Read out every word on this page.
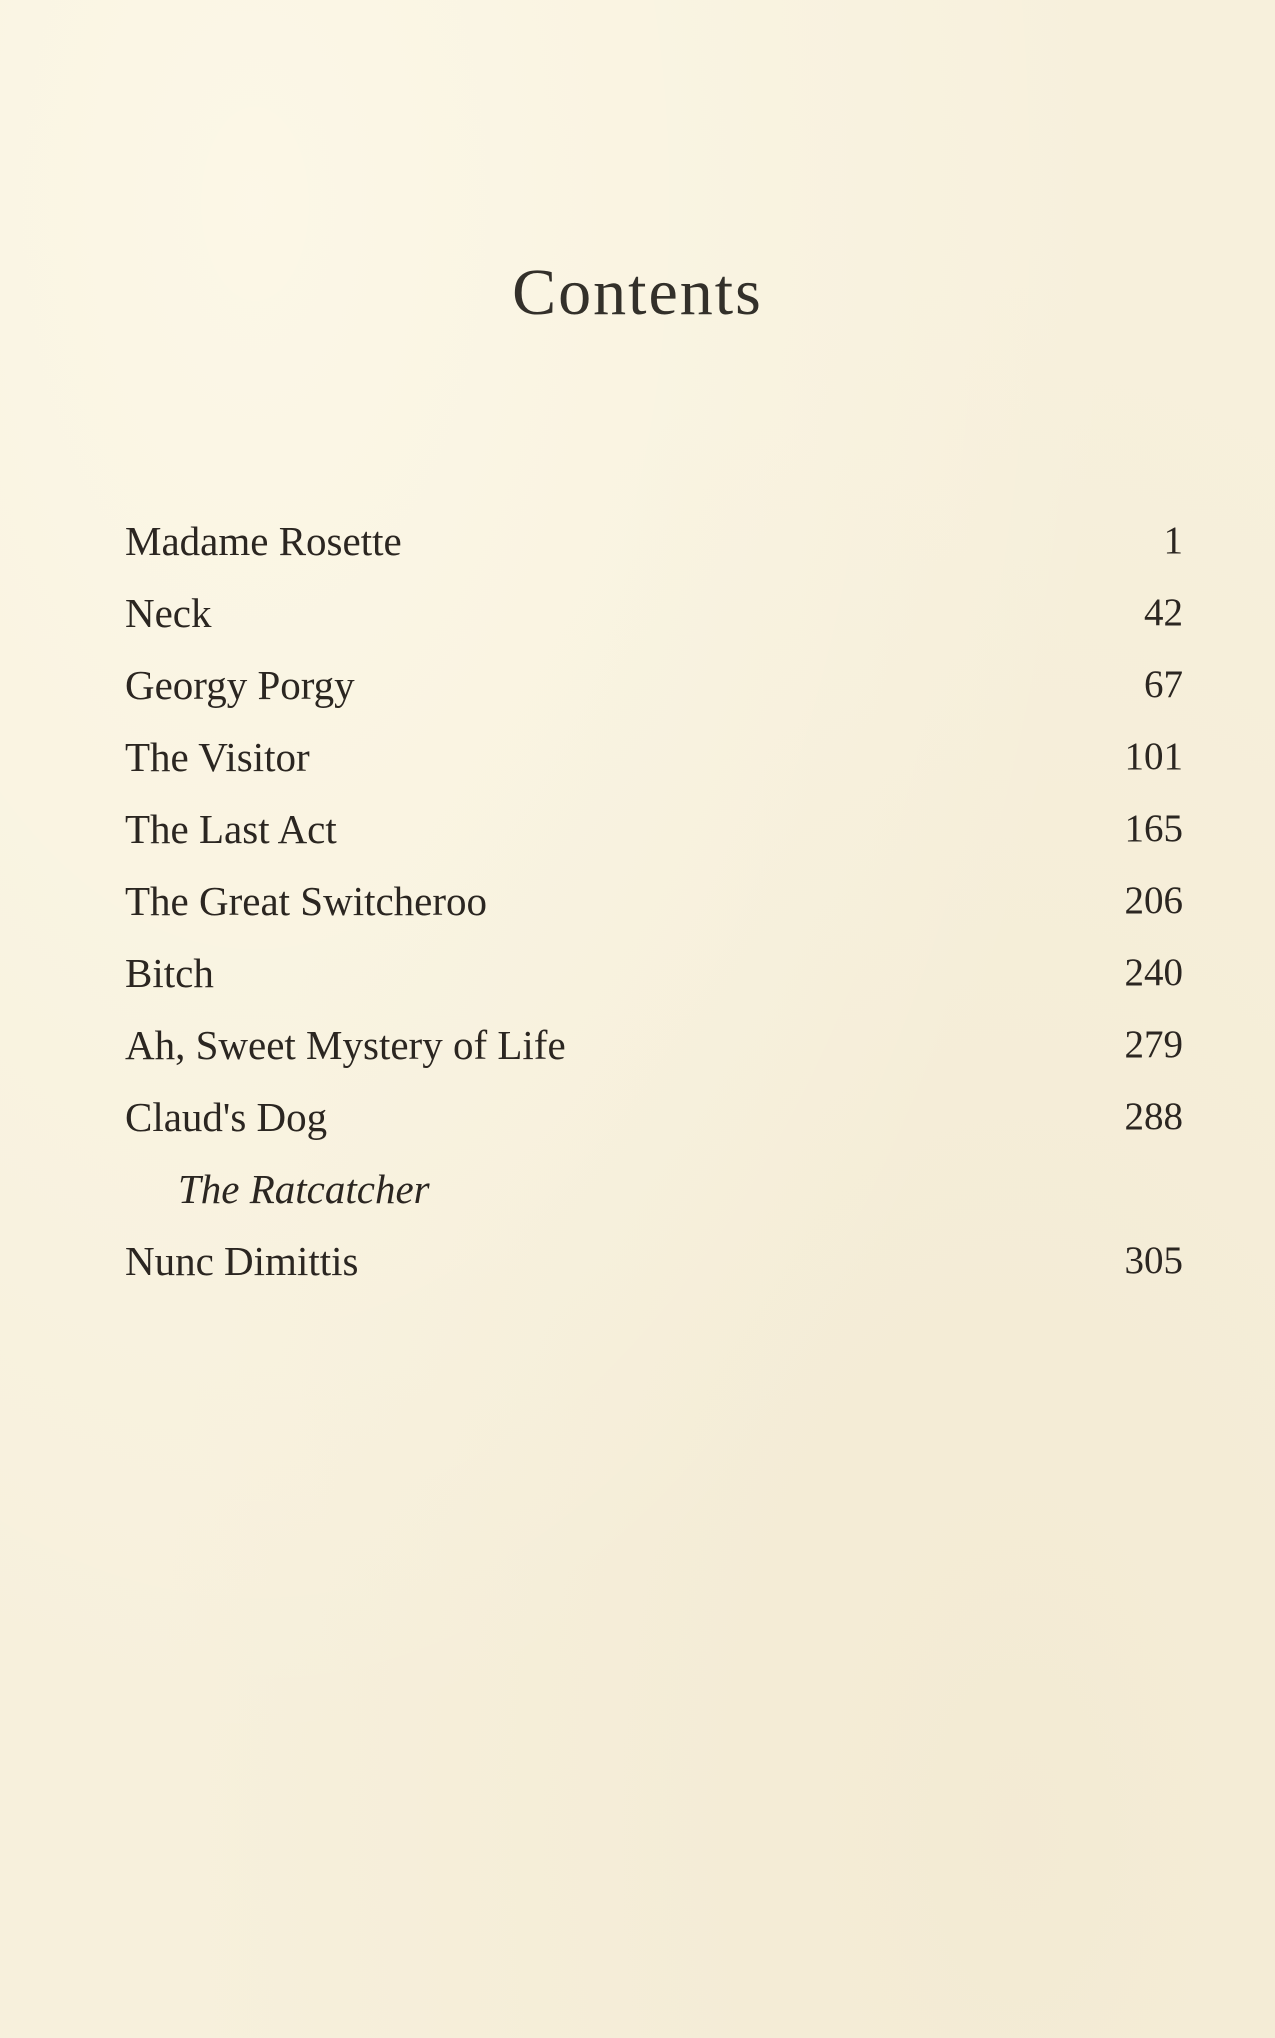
Contents
Madame Rosette	1
Neck	42
Georgy Porgy	67
The Visitor	101
The Last Act	165
The Great Switcheroo	206
Bitch	240
Ah, Sweet Mystery of Life	279
Claud's Dog	288
The Ratcatcher
Nunc Dimittis	305
